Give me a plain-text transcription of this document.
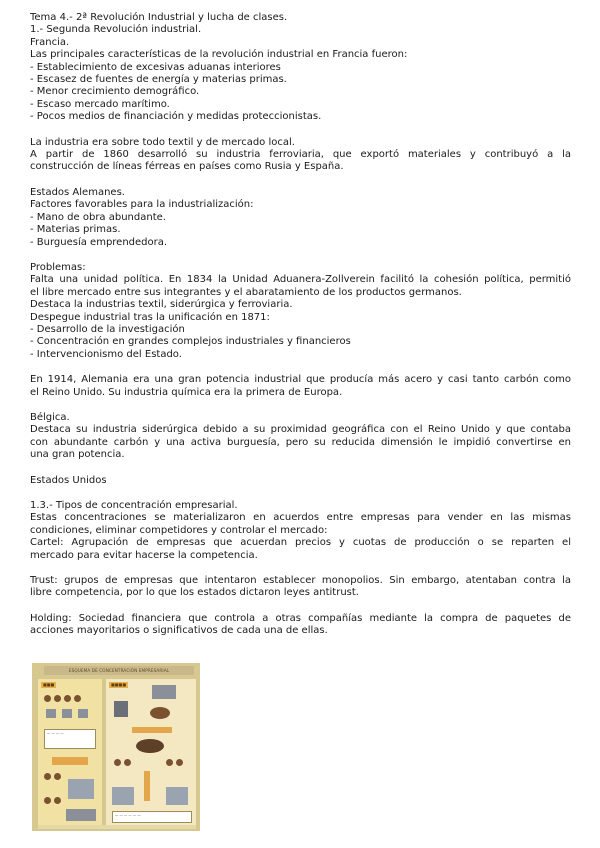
Tema 4.- 2ª Revolución Industrial y lucha de clases.
1.- Segunda Revolución industrial.
Francia.
Las principales características de la revolución industrial en Francia fueron:
- Establecimiento de excesivas aduanas interiores
- Escasez de fuentes de energía y materias primas.
- Menor crecimiento demográfico.
- Escaso mercado marítimo.
- Pocos medios de financiación y medidas proteccionistas.
La industria era sobre todo textil y de mercado local.
A partir de 1860 desarrolló su industria ferroviaria, que exportó materiales y contribuyó a la
construcción de líneas férreas en países como Rusia y España.
Estados Alemanes.
Factores favorables para la industrialización:
- Mano de obra abundante.
- Materias primas.
- Burguesía emprendedora.
Problemas:
Falta una unidad política. En 1834 la Unidad Aduanera-Zollverein facilitó la cohesión política, permitió
el libre mercado entre sus integrantes y el abaratamiento de los productos germanos.
Destaca la industrias textil, siderúrgica y ferroviaria.
Despegue industrial tras la unificación en 1871:
- Desarrollo de la investigación
- Concentración en grandes complejos industriales y financieros
- Intervencionismo del Estado.
En 1914, Alemania era una gran potencia industrial que producía más acero y casi tanto carbón como
el Reino Unido. Su industria química era la primera de Europa.
Bélgica.
Destaca su industria siderúrgica debido a su proximidad geográfica con el Reino Unido y que contaba
con abundante carbón y una activa burguesía, pero su reducida dimensión le impidió convertirse en
una gran potencia.
Estados Unidos
1.3.- Tipos de concentración empresarial.
Estas concentraciones se materializaron en acuerdos entre empresas para vender en las mismas
condiciones, eliminar competidores y controlar el mercado:
Cartel: Agrupación de empresas que acuerdan precios y cuotas de producción o se reparten el
mercado para evitar hacerse la competencia.
Trust: grupos de empresas que intentaron establecer monopolios. Sin embargo, atentaban contra la
libre competencia, por lo que los estados dictaron leyes antitrust.
Holding: Sociedad financiera que controla a otras compañías mediante la compra de paquetes de
acciones mayoritarios o significativos de cada una de ellas.
ESQUEMA DE CONCENTRACIÓN EMPRESARIAL
■■■
— — — —
■■■■
— — — — — —
